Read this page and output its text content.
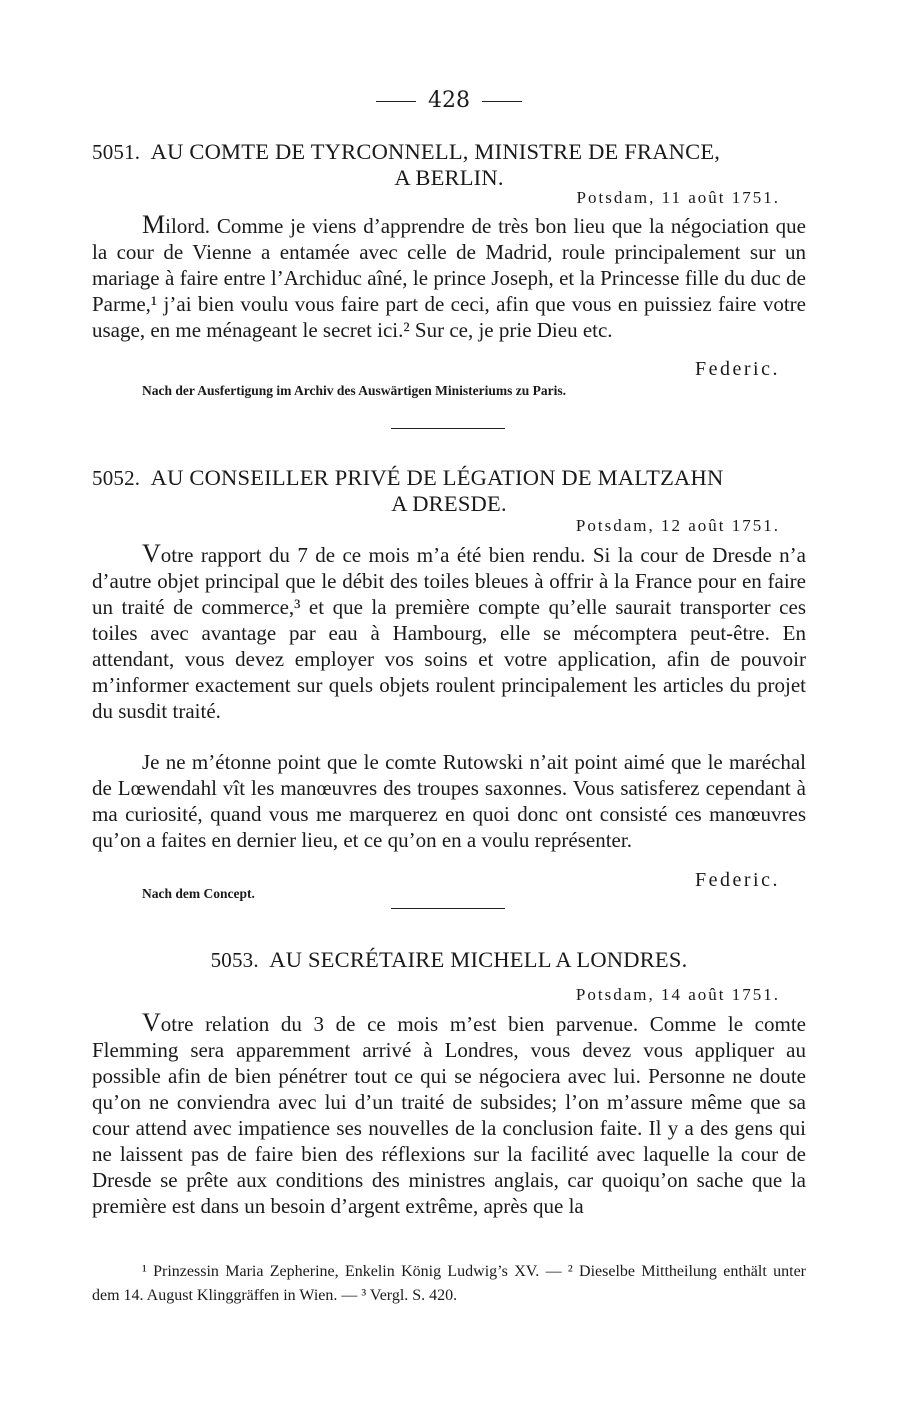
428
5051. AU COMTE DE TYRCONNELL, MINISTRE DE FRANCE,
A BERLIN.
Potsdam, 11 août 1751.
Milord. Comme je viens d’apprendre de très bon lieu que la négociation que la cour de Vienne a entamée avec celle de Madrid, roule principalement sur un mariage à faire entre l’Archiduc aîné, le prince Joseph, et la Princesse fille du duc de Parme,¹ j’ai bien voulu vous faire part de ceci, afin que vous en puissiez faire votre usage, en me ménageant le secret ici.² Sur ce, je prie Dieu etc.
Federic.
Nach der Ausfertigung im Archiv des Auswärtigen Ministeriums zu Paris.
5052. AU CONSEILLER PRIVÉ DE LÉGATION DE MALTZAHN
A DRESDE.
Potsdam, 12 août 1751.
Votre rapport du 7 de ce mois m’a été bien rendu. Si la cour de Dresde n’a d’autre objet principal que le débit des toiles bleues à offrir à la France pour en faire un traité de commerce,³ et que la première compte qu’elle saurait transporter ces toiles avec avantage par eau à Hambourg, elle se mécomptera peut-être. En attendant, vous devez employer vos soins et votre application, afin de pouvoir m’informer exactement sur quels objets roulent principalement les articles du projet du susdit traité.
Je ne m’étonne point que le comte Rutowski n’ait point aimé que le maréchal de Lœwendahl vît les manœuvres des troupes saxonnes. Vous satisferez cependant à ma curiosité, quand vous me marquerez en quoi donc ont consisté ces manœuvres qu’on a faites en dernier lieu, et ce qu’on en a voulu représenter.
Federic.
Nach dem Concept.
5053. AU SECRÉTAIRE MICHELL A LONDRES.
Potsdam, 14 août 1751.
Votre relation du 3 de ce mois m’est bien parvenue. Comme le comte Flemming sera apparemment arrivé à Londres, vous devez vous appliquer au possible afin de bien pénétrer tout ce qui se négociera avec lui. Personne ne doute qu’on ne conviendra avec lui d’un traité de subsides; l’on m’assure même que sa cour attend avec impatience ses nouvelles de la conclusion faite. Il y a des gens qui ne laissent pas de faire bien des réflexions sur la facilité avec laquelle la cour de Dresde se prête aux conditions des ministres anglais, car quoiqu’on sache que la première est dans un besoin d’argent extrême, après que la
¹ Prinzessin Maria Zepherine, Enkelin König Ludwig’s XV. — ² Dieselbe Mittheilung enthält unter dem 14. August Klinggräffen in Wien. — ³ Vergl. S. 420.
